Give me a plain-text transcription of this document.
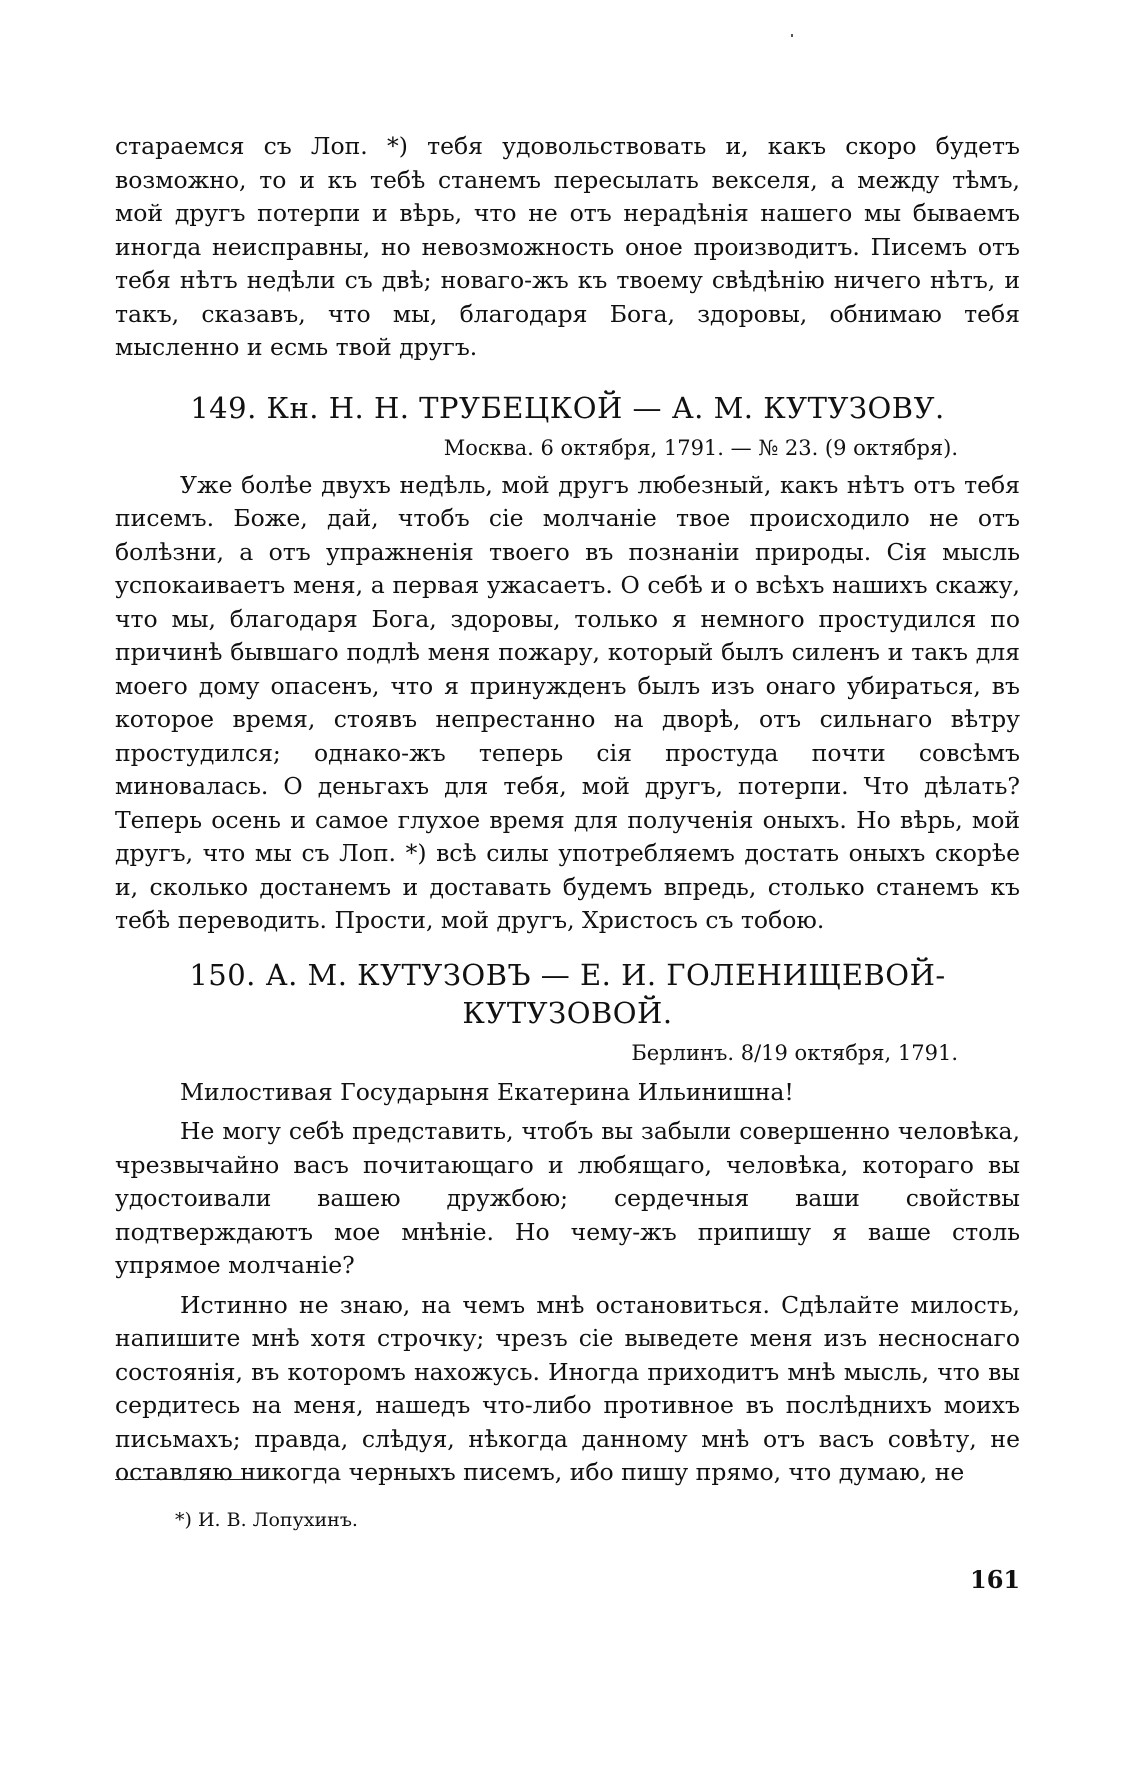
стараемся съ Лоп. *) тебя удовольствовать и, какъ скоро будетъ возможно, то и къ тебѣ станемъ пересылать векселя, а между тѣмъ, мой другъ потерпи и вѣрь, что не отъ нерадѣнія нашего мы бываемъ иногда неисправны, но невозможность оное производитъ. Писемъ отъ тебя нѣтъ недѣли съ двѣ; новаго-жъ къ твоему свѣдѣнію ничего нѣтъ, и такъ, сказавъ, что мы, благодаря Бога, здоровы, обнимаю тебя мысленно и есмь твой другъ.

149. Кн. Н. Н. ТРУБЕЦКОЙ — А. М. КУТУЗОВУ.

Москва. 6 октября, 1791. — № 23. (9 октября).

Уже болѣе двухъ недѣль, мой другъ любезный, какъ нѣтъ отъ тебя писемъ. Боже, дай, чтобъ сіе молчаніе твое происходило не отъ болѣзни, а отъ упражненія твоего въ познаніи природы. Сія мысль успокаиваетъ меня, а первая ужасаетъ. О себѣ и о всѣхъ нашихъ скажу, что мы, благодаря Бога, здоровы, только я немного простудился по причинѣ бывшаго подлѣ меня пожару, который былъ силенъ и такъ для моего дому опасенъ, что я принужденъ былъ изъ онаго убираться, въ которое время, стоявъ непрестанно на дворѣ, отъ сильнаго вѣтру простудился; однако-жъ теперь сія простуда почти совсѣмъ миновалась. О деньгахъ для тебя, мой другъ, потерпи. Что дѣлать? Теперь осень и самое глухое время для полученія оныхъ. Но вѣрь, мой другъ, что мы съ Лоп. *) всѣ силы употребляемъ достать оныхъ скорѣе и, сколько достанемъ и доставать будемъ впредь, столько станемъ къ тебѣ переводить. Прости, мой другъ, Христосъ съ тобою.

150. А. М. КУТУЗОВЪ — Е. И. ГОЛЕНИЩЕВОЙ-КУТУЗОВОЙ.

Берлинъ. 8/19 октября, 1791.

Милостивая Государыня Екатерина Ильинишна!

Не могу себѣ представить, чтобъ вы забыли совершенно человѣка, чрезвычайно васъ почитающаго и любящаго, человѣка, котораго вы удостоивали вашею дружбою; сердечныя ваши свойствы подтверждаютъ мое мнѣніе. Но чему-жъ припишу я ваше столь упрямое молчаніе?

Истинно не знаю, на чемъ мнѣ остановиться. Сдѣлайте милость, напишите мнѣ хотя строчку; чрезъ сіе выведете меня изъ несноснаго состоянія, въ которомъ нахожусь. Иногда приходитъ мнѣ мысль, что вы сердитесь на меня, нашедъ что-либо противное въ послѣднихъ моихъ письмахъ; правда, слѣдуя, нѣкогда данному мнѣ отъ васъ совѣту, не оставляю никогда черныхъ писемъ, ибо пишу прямо, что думаю, не

*) И. В. Лопухинъ.
161
